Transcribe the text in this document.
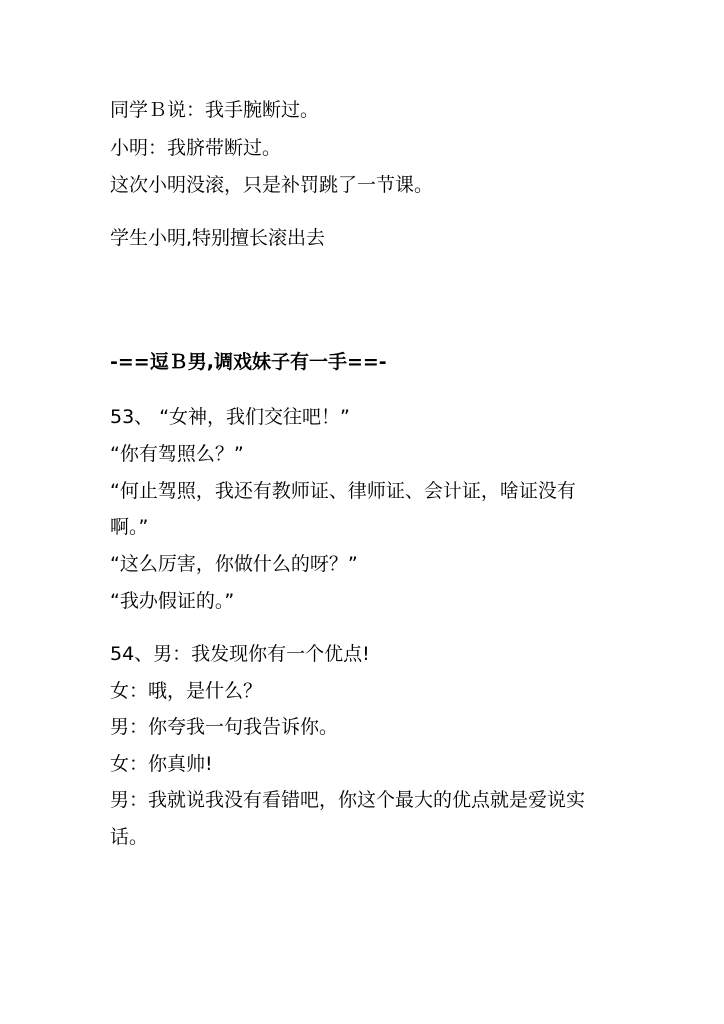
同学Ｂ说：我手腕断过。
小明：我脐带断过。
这次小明没滚，只是补罚跳了一节课。
学生小明,特别擅长滚出去
-==逗Ｂ男,调戏妹子有一手==-
53、 “女神，我们交往吧！”
“你有驾照么？”
“何止驾照，我还有教师证、律师证、会计证，啥证没有
啊。”
“这么厉害，你做什么的呀？”
“我办假证的。”
54、男：我发现你有一个优点!
女：哦，是什么？
男：你夸我一句我告诉你。
女：你真帅!
男：我就说我没有看错吧，你这个最大的优点就是爱说实
话。
